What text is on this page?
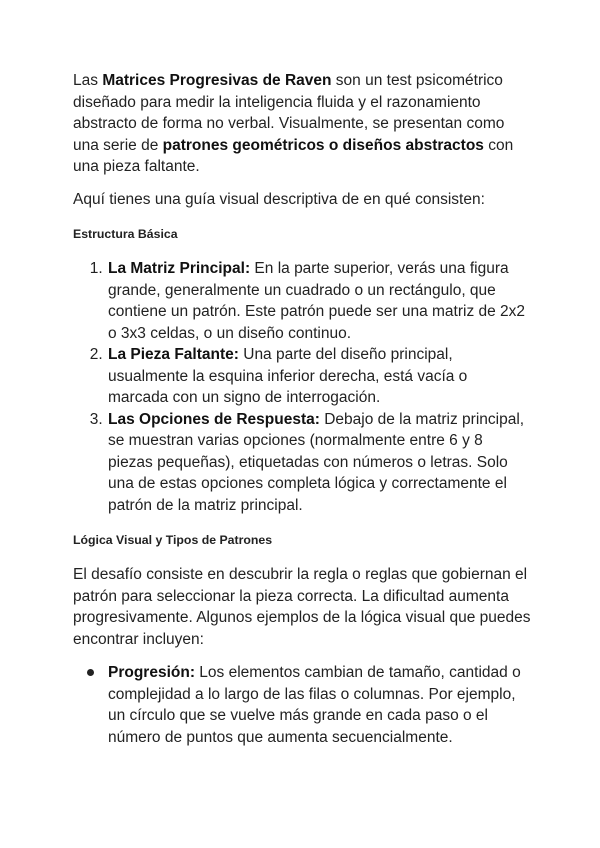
Las Matrices Progresivas de Raven son un test psicométrico diseñado para medir la inteligencia fluida y el razonamiento abstracto de forma no verbal. Visualmente, se presentan como una serie de patrones geométricos o diseños abstractos con una pieza faltante.

Aquí tienes una guía visual descriptiva de en qué consisten:

Estructura Básica
1. La Matriz Principal: En la parte superior, verás una figura grande, generalmente un cuadrado o un rectángulo, que contiene un patrón. Este patrón puede ser una matriz de 2x2 o 3x3 celdas, o un diseño continuo.
2. La Pieza Faltante: Una parte del diseño principal, usualmente la esquina inferior derecha, está vacía o marcada con un signo de interrogación.
3. Las Opciones de Respuesta: Debajo de la matriz principal, se muestran varias opciones (normalmente entre 6 y 8 piezas pequeñas), etiquetadas con números o letras. Solo una de estas opciones completa lógica y correctamente el patrón de la matriz principal.
Lógica Visual y Tipos de Patrones

El desafío consiste en descubrir la regla o reglas que gobiernan el patrón para seleccionar la pieza correcta. La dificultad aumenta progresivamente. Algunos ejemplos de la lógica visual que puedes encontrar incluyen:

Progresión: Los elementos cambian de tamaño, cantidad o complejidad a lo largo de las filas o columnas. Por ejemplo, un círculo que se vuelve más grande en cada paso o el número de puntos que aumenta secuencialmente.
